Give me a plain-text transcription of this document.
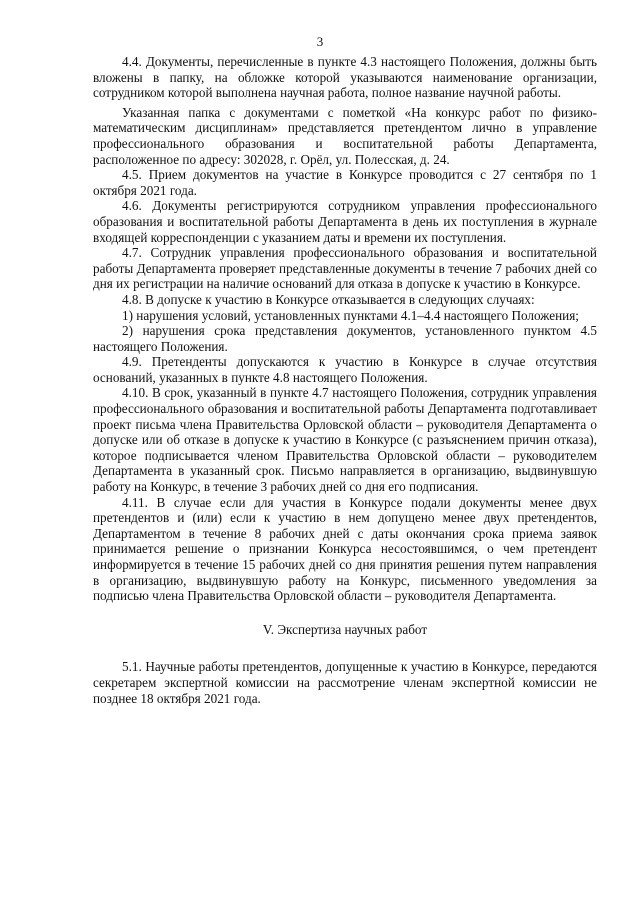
3

4.4. Документы, перечисленные в пункте 4.3 настоящего Положения, должны быть вложены в папку, на обложке которой указываются наименование организации, сотрудником которой выполнена научная работа, полное название научной работы.

Указанная папка с документами с пометкой «На конкурс работ по физико-математическим дисциплинам» представляется претендентом лично в управление профессионального образования и воспитательной работы Департамента, расположенное по адресу: 302028, г. Орёл, ул. Полесская, д. 24.

4.5. Прием документов на участие в Конкурсе проводится с 27 сентября по 1 октября 2021 года.

4.6. Документы регистрируются сотрудником управления профессионального образования и воспитательной работы Департамента в день их поступления в журнале входящей корреспонденции с указанием даты и времени их поступления.

4.7. Сотрудник управления профессионального образования и воспитательной работы Департамента проверяет представленные документы в течение 7 рабочих дней со дня их регистрации на наличие оснований для отказа в допуске к участию в Конкурсе.

4.8. В допуске к участию в Конкурсе отказывается в следующих случаях:

1) нарушения условий, установленных пунктами 4.1–4.4 настоящего Положения;

2) нарушения срока представления документов, установленного пунктом 4.5 настоящего Положения.

4.9. Претенденты допускаются к участию в Конкурсе в случае отсутствия оснований, указанных в пункте 4.8 настоящего Положения.

4.10. В срок, указанный в пункте 4.7 настоящего Положения, сотрудник управления профессионального образования и воспитательной работы Департамента подготавливает проект письма члена Правительства Орловской области – руководителя Департамента о допуске или об отказе в допуске к участию в Конкурсе (с разъяснением причин отказа), которое подписывается членом Правительства Орловской области – руководителем Департамента в указанный срок. Письмо направляется в организацию, выдвинувшую работу на Конкурс, в течение 3 рабочих дней со дня его подписания.

4.11. В случае если для участия в Конкурсе подали документы менее двух претендентов и (или) если к участию в нем допущено менее двух претендентов, Департаментом в течение 8 рабочих дней с даты окончания срока приема заявок принимается решение о признании Конкурса несостоявшимся, о чем претендент информируется в течение 15 рабочих дней со дня принятия решения путем направления в организацию, выдвинувшую работу на Конкурс, письменного уведомления за подписью члена Правительства Орловской области – руководителя Департамента.

V. Экспертиза научных работ

5.1. Научные работы претендентов, допущенные к участию в Конкурсе, передаются секретарем экспертной комиссии на рассмотрение членам экспертной комиссии не позднее 18 октября 2021 года.
